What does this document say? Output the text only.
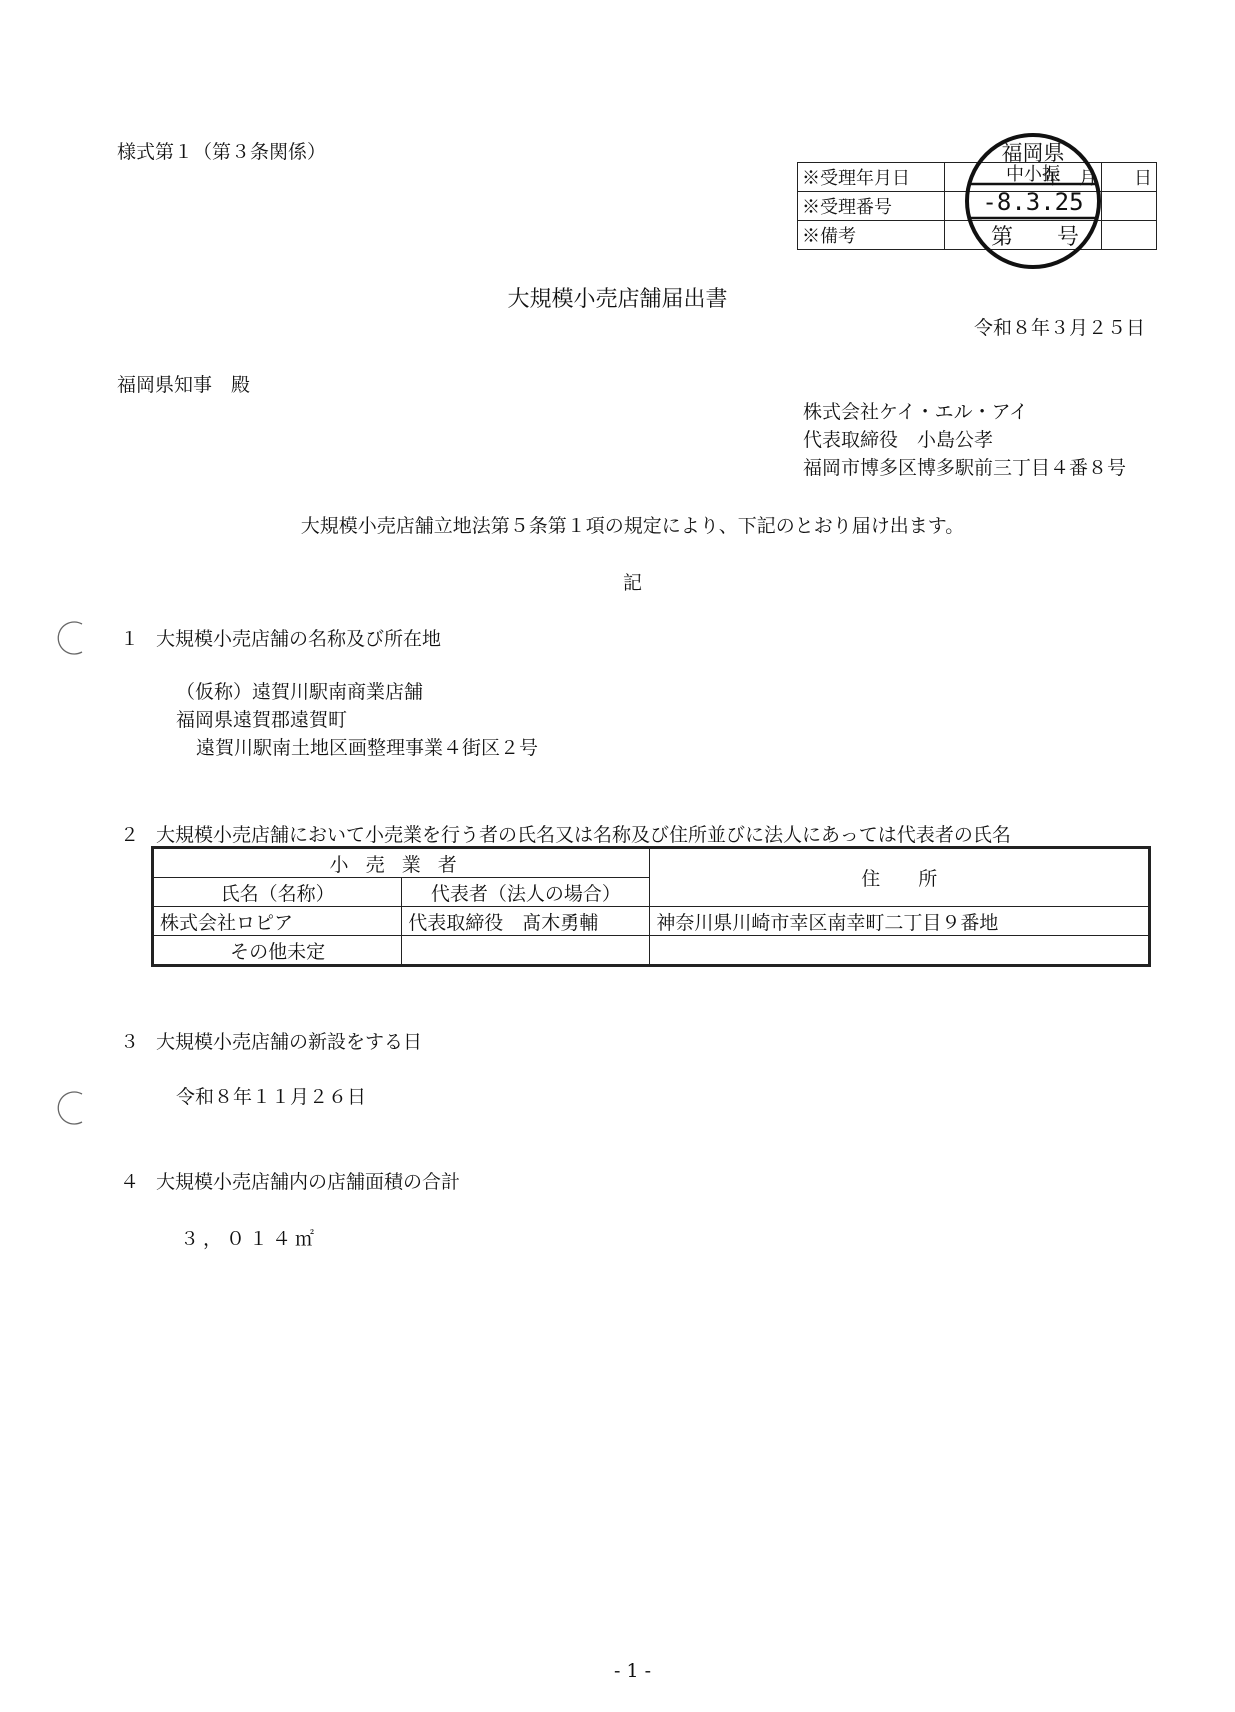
様式第１（第３条関係）
※受理年月日	年　月	日
※受理番号		
※備考		
福岡県
中小振
-8.3.25
第 号
大規模小売店舗届出書
令和８年３月２５日
福岡県知事　殿
株式会社ケイ・エル・アイ
代表取締役　小島公孝
福岡市博多区博多駅前三丁目４番８号
大規模小売店舗立地法第５条第１項の規定により、下記のとおり届け出ます。
記
１ 大規模小売店舗の名称及び所在地
（仮称）遠賀川駅南商業店舗
福岡県遠賀郡遠賀町
遠賀川駅南土地区画整理事業４街区２号
２ 大規模小売店舗において小売業を行う者の氏名又は名称及び住所並びに法人にあっては代表者の氏名
小売業者		住　　所
氏名（名称）	代表者（法人の場合）	
株式会社ロピア	代表取締役　髙木勇輔	神奈川県川崎市幸区南幸町二丁目９番地
その他未定		
３ 大規模小売店舗の新設をする日
令和８年１１月２６日
４ 大規模小売店舗内の店舗面積の合計
３，０１４㎡
- 1 -
